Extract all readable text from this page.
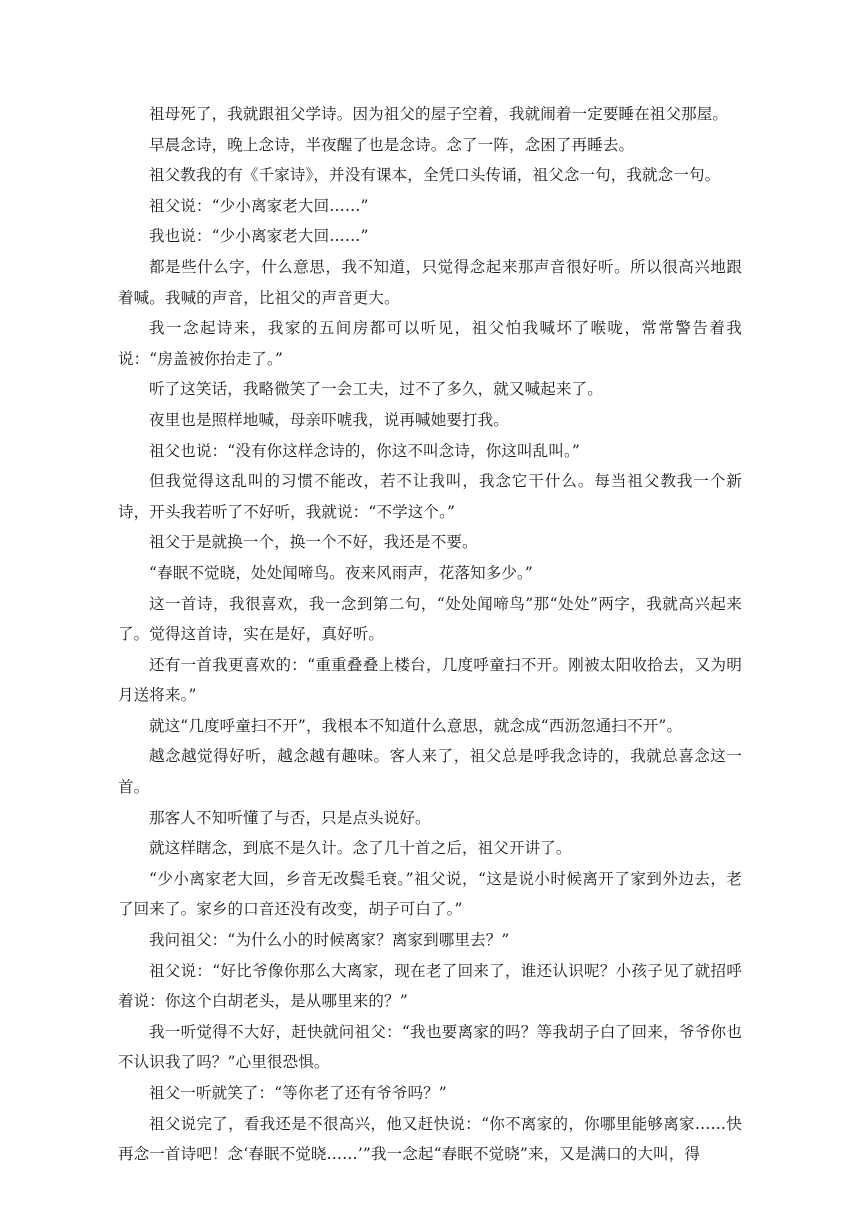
祖母死了，我就跟祖父学诗。因为祖父的屋子空着，我就闹着一定要睡在祖父那屋。

早晨念诗，晚上念诗，半夜醒了也是念诗。念了一阵，念困了再睡去。

祖父教我的有《千家诗》，并没有课本，全凭口头传诵，祖父念一句，我就念一句。

祖父说：“少小离家老大回……”

我也说：“少小离家老大回……”

都是些什么字，什么意思，我不知道，只觉得念起来那声音很好听。所以很高兴地跟着喊。我喊的声音，比祖父的声音更大。

我一念起诗来，我家的五间房都可以听见，祖父怕我喊坏了喉咙，常常警告着我说：“房盖被你抬走了。”

听了这笑话，我略微笑了一会工夫，过不了多久，就又喊起来了。

夜里也是照样地喊，母亲吓唬我，说再喊她要打我。

祖父也说：“没有你这样念诗的，你这不叫念诗，你这叫乱叫。”

但我觉得这乱叫的习惯不能改，若不让我叫，我念它干什么。每当祖父教我一个新诗，开头我若听了不好听，我就说：“不学这个。”

祖父于是就换一个，换一个不好，我还是不要。

“春眠不觉晓，处处闻啼鸟。夜来风雨声，花落知多少。”

这一首诗，我很喜欢，我一念到第二句，“处处闻啼鸟”那“处处”两字，我就高兴起来了。觉得这首诗，实在是好，真好听。

还有一首我更喜欢的：“重重叠叠上楼台，几度呼童扫不开。刚被太阳收拾去，又为明月送将来。”

就这“几度呼童扫不开”，我根本不知道什么意思，就念成“西沥忽通扫不开”。

越念越觉得好听，越念越有趣味。客人来了，祖父总是呼我念诗的，我就总喜念这一首。

那客人不知听懂了与否，只是点头说好。

就这样瞎念，到底不是久计。念了几十首之后，祖父开讲了。

“少小离家老大回，乡音无改鬓毛衰。”祖父说，“这是说小时候离开了家到外边去，老了回来了。家乡的口音还没有改变，胡子可白了。”

我问祖父：“为什么小的时候离家？离家到哪里去？”

祖父说：“好比爷像你那么大离家，现在老了回来了，谁还认识呢？小孩子见了就招呼着说：你这个白胡老头，是从哪里来的？”

我一听觉得不大好，赶快就问祖父：“我也要离家的吗？等我胡子白了回来，爷爷你也不认识我了吗？”心里很恐惧。

祖父一听就笑了：“等你老了还有爷爷吗？”

祖父说完了，看我还是不很高兴，他又赶快说：“你不离家的，你哪里能够离家……快再念一首诗吧！念‘春眠不觉晓……’”我一念起“春眠不觉晓”来，又是满口的大叫，得
